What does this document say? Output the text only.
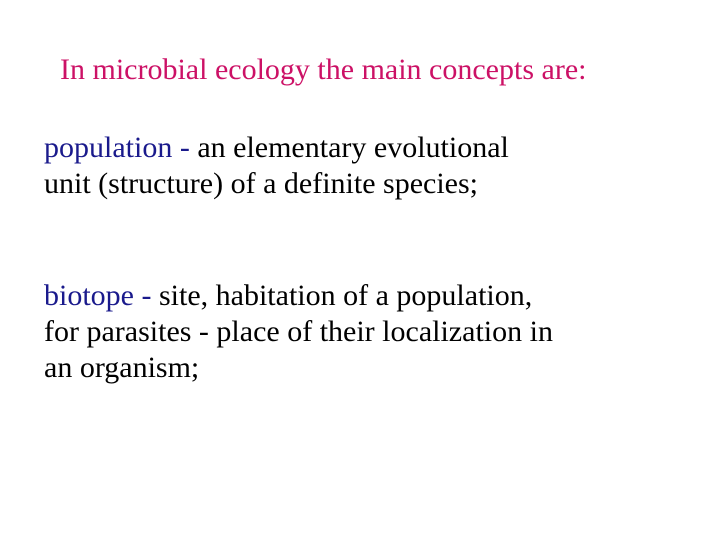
In microbial ecology the main concepts are:
population - an elementary evolutional
unit (structure) of a definite species;
biotope - site, habitation of a population,
for parasites - place of their localization in
an organism;
